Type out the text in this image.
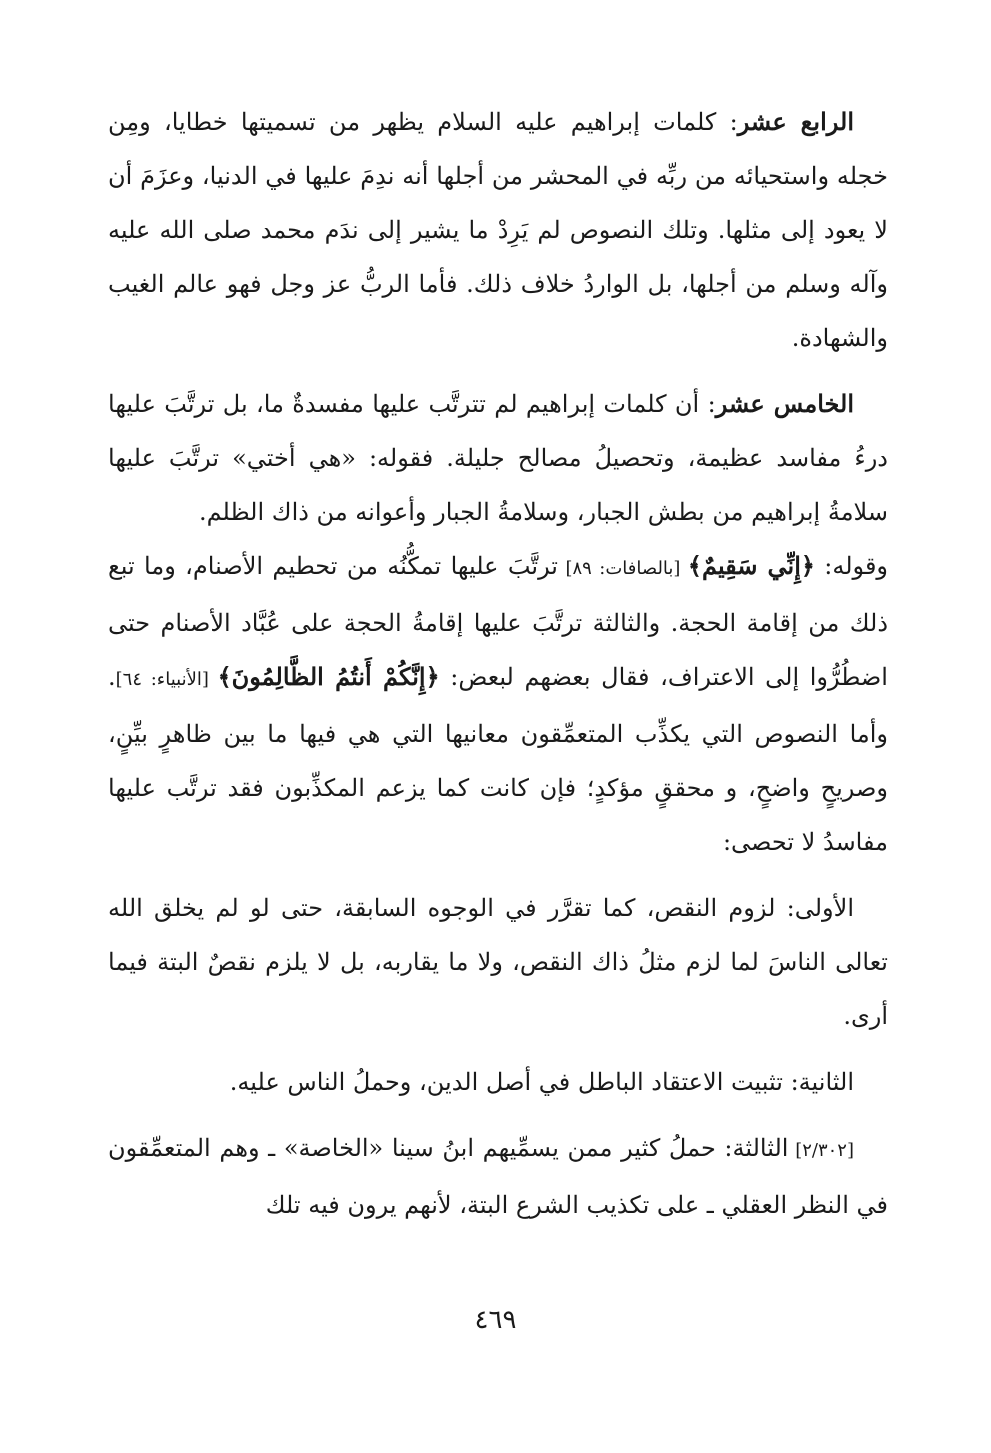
الرابع عشر: كلمات إبراهيم عليه السلام يظهر من تسميتها خطايا، ومِن خجله واستحيائه من ربِّه في المحشر من أجلها أنه ندِمَ عليها في الدنيا، وعزَمَ أن لا يعود إلى مثلها. وتلك النصوص لم يَرِدْ ما يشير إلى ندَم محمد صلى الله عليه وآله وسلم من أجلها، بل الواردُ خلاف ذلك. فأما الربُّ عز وجل فهو عالم الغيب والشهادة.

الخامس عشر: أن كلمات إبراهيم لم تترتَّب عليها مفسدةٌ ما، بل ترتَّبَ عليها درءُ مفاسد عظيمة، وتحصيلُ مصالح جليلة. فقوله: «هي أختي» ترتَّبَ عليها سلامةُ إبراهيم من بطش الجبار، وسلامةُ الجبار وأعوانه من ذاك الظلم.

وقوله: ﴿إِنِّي سَقِيمٌ﴾ [بالصافات: ٨٩] ترتَّبَ عليها تمكُّنُه من تحطيم الأصنام، وما تبع ذلك من إقامة الحجة. والثالثة ترتَّبَ عليها إقامةُ الحجة على عُبَّاد الأصنام حتى اضطُرُّوا إلى الاعتراف، فقال بعضهم لبعض: ﴿إِنَّكُمْ أَنتُمُ الظَّالِمُونَ﴾ [الأنبياء: ٦٤]. وأما النصوص التي يكذِّب المتعمِّقون معانيها التي هي فيها ما بين ظاهرٍ بيِّنٍ، وصريحٍ واضحٍ، و محققٍ مؤكدٍ؛ فإن كانت كما يزعم المكذِّبون فقد ترتَّب عليها مفاسدُ لا تحصى:

الأولى: لزوم النقص، كما تقرَّر في الوجوه السابقة، حتى لو لم يخلق الله تعالى الناسَ لما لزم مثلُ ذاك النقص، ولا ما يقاربه، بل لا يلزم نقصٌ البتة فيما أرى.

الثانية: تثبيت الاعتقاد الباطل في أصل الدين، وحملُ الناس عليه.

[٢/٣٠٢] الثالثة: حملُ كثير ممن يسمِّيهم ابنُ سينا «الخاصة» ـ وهم المتعمِّقون في النظر العقلي ـ على تكذيب الشرع البتة، لأنهم يرون فيه تلك

٤٦٩
